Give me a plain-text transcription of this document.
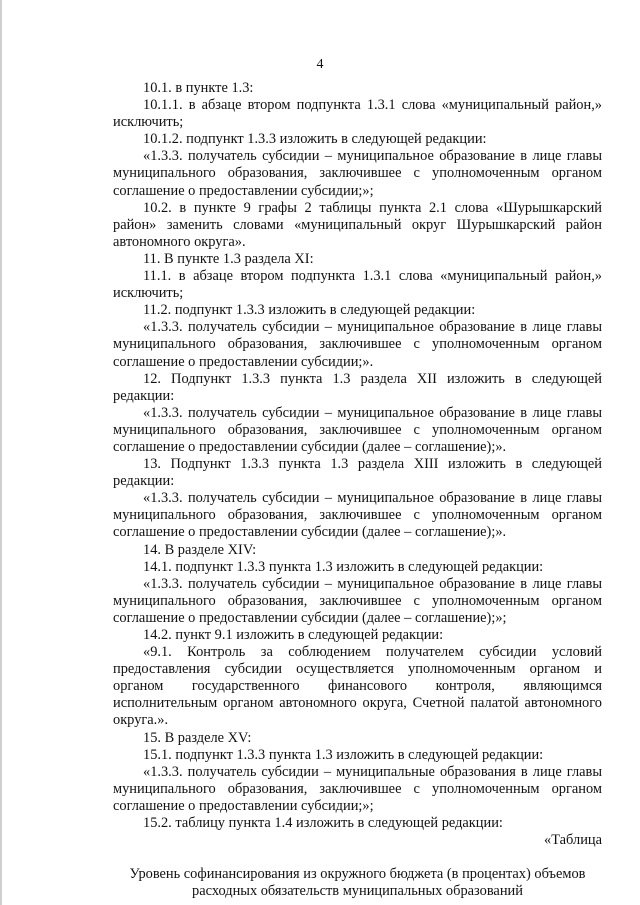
4

10.1. в пункте 1.3:

10.1.1. в абзаце втором подпункта 1.3.1 слова «муниципальный район,» исключить;

10.1.2. подпункт 1.3.3 изложить в следующей редакции:

«1.3.3. получатель субсидии – муниципальное образование в лице главы муниципального образования, заключившее с уполномоченным органом соглашение о предоставлении субсидии;»;

10.2. в пункте 9 графы 2 таблицы пункта 2.1 слова «Шурышкарский район» заменить словами «муниципальный округ Шурышкарский район автономного округа».

11. В пункте 1.3 раздела XI:

11.1. в абзаце втором подпункта 1.3.1 слова «муниципальный район,» исключить;

11.2. подпункт 1.3.3 изложить в следующей редакции:

«1.3.3. получатель субсидии – муниципальное образование в лице главы муниципального образования, заключившее с уполномоченным органом соглашение о предоставлении субсидии;».

12. Подпункт 1.3.3 пункта 1.3 раздела XII изложить в следующей редакции:

«1.3.3. получатель субсидии – муниципальное образование в лице главы муниципального образования, заключившее с уполномоченным органом соглашение о предоставлении субсидии (далее – соглашение);».

13. Подпункт 1.3.3 пункта 1.3 раздела XIII изложить в следующей редакции:

«1.3.3. получатель субсидии – муниципальное образование в лице главы муниципального образования, заключившее с уполномоченным органом соглашение о предоставлении субсидии (далее – соглашение);».

14. В разделе XIV:

14.1. подпункт 1.3.3 пункта 1.3 изложить в следующей редакции:

«1.3.3. получатель субсидии – муниципальное образование в лице главы муниципального образования, заключившее с уполномоченным органом соглашение о предоставлении субсидии (далее – соглашение);»;

14.2. пункт 9.1 изложить в следующей редакции:

«9.1. Контроль за соблюдением получателем субсидии условий предоставления субсидии осуществляется уполномоченным органом и органом государственного финансового контроля, являющимся исполнительным органом автономного округа, Счетной палатой автономного округа.».

15. В разделе XV:

15.1. подпункт 1.3.3 пункта 1.3 изложить в следующей редакции:

«1.3.3. получатель субсидии – муниципальные образования в лице главы муниципального образования, заключившее с уполномоченным органом соглашение о предоставлении субсидии;»;

15.2. таблицу пункта 1.4 изложить в следующей редакции:

«Таблица

Уровень софинансирования из окружного бюджета (в процентах) объемов расходных обязательств муниципальных образований
